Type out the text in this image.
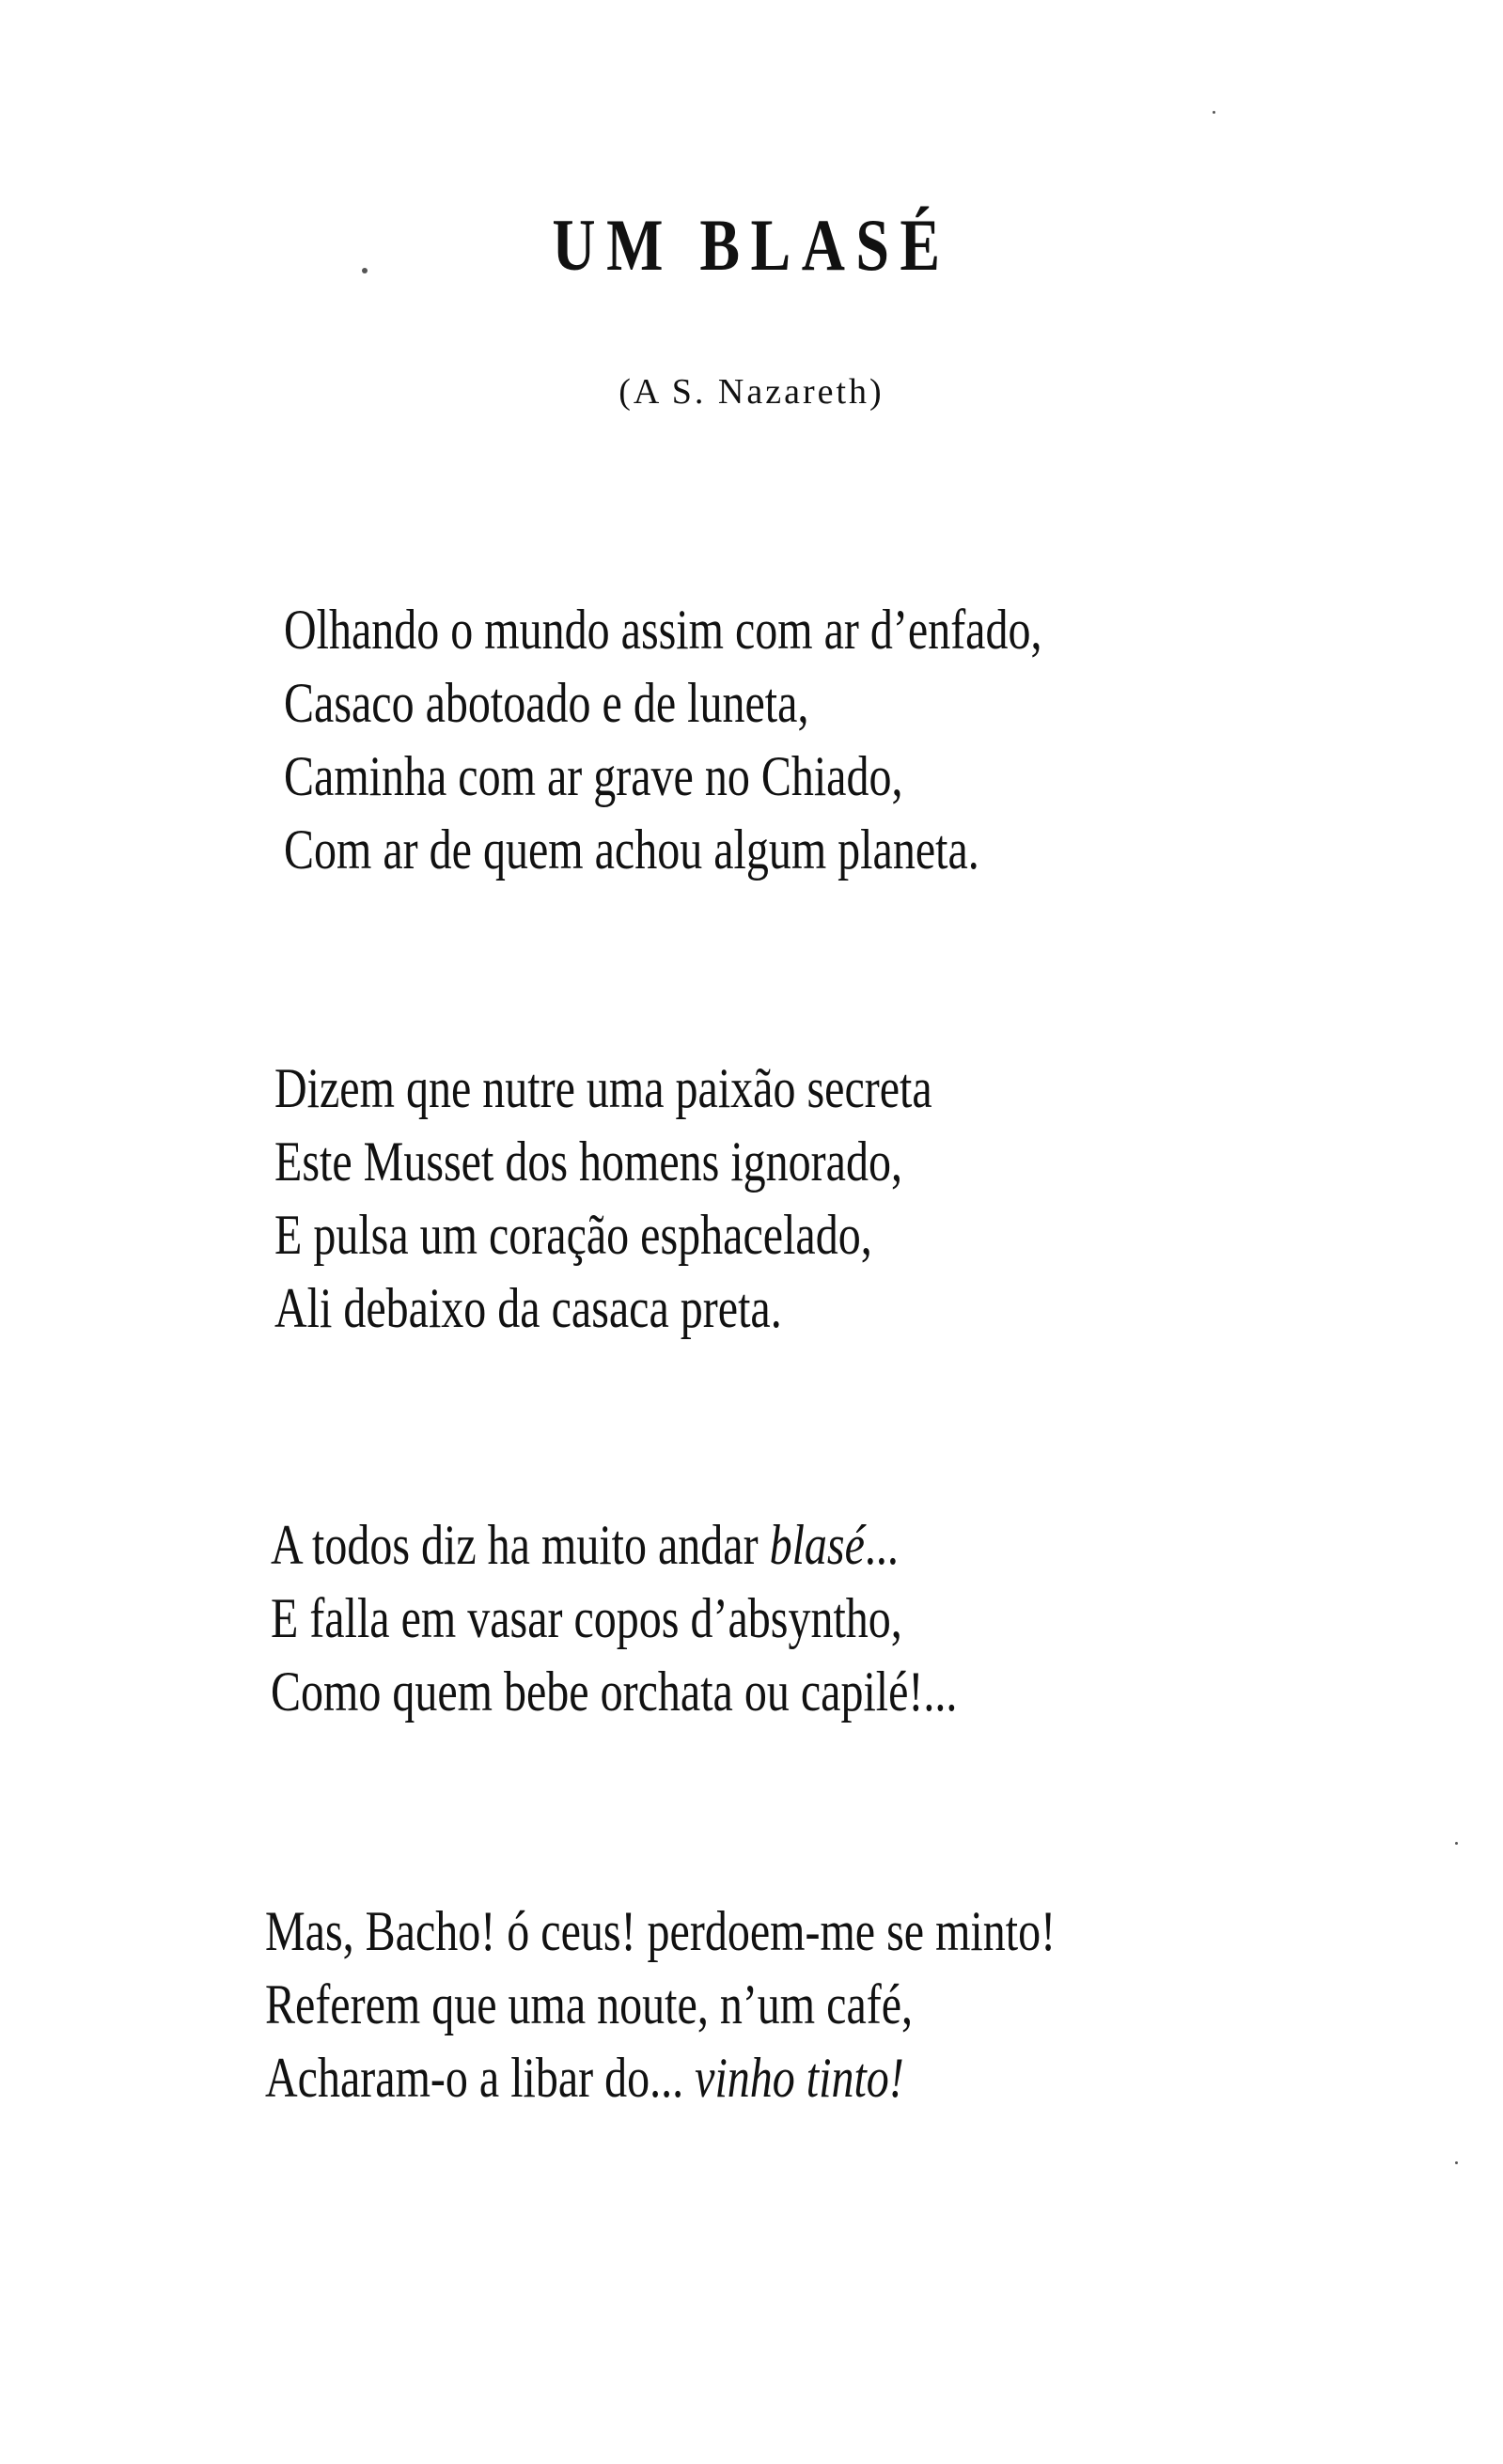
UM BLASÉ
(A S. Nazareth)
Olhando o mundo assim com ar d’enfado,
Casaco abotoado e de luneta,
Caminha com ar grave no Chiado,
Com ar de quem achou algum planeta.
Dizem qne nutre uma paixão secreta
Este Musset dos homens ignorado,
E pulsa um coração esphacelado,
Ali debaixo da casaca preta.
A todos diz ha muito andar blasé...
E falla em vasar copos d’absyntho,
Como quem bebe orchata ou capilé!...
Mas, Bacho! ó ceus! perdoem-me se minto!
Referem que uma noute, n’um café,
Acharam-o a libar do... vinho tinto!
